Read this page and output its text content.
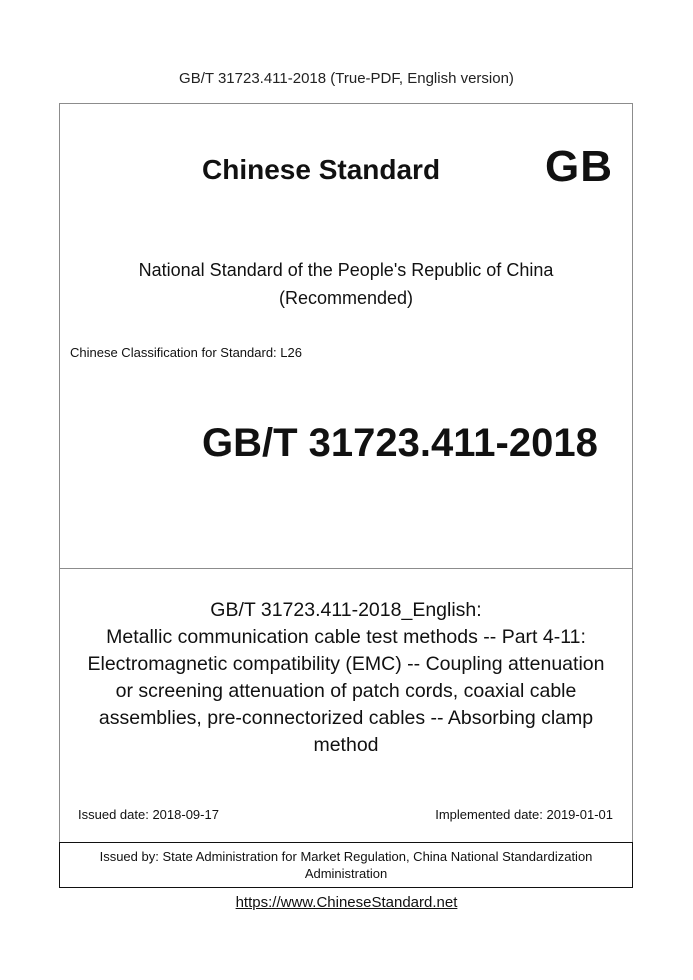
GB/T 31723.411-2018 (True-PDF, English version)
Chinese Standard GB
National Standard of the People's Republic of China
(Recommended)
Chinese Classification for Standard: L26
GB/T 31723.411-2018
GB/T 31723.411-2018_English:
Metallic communication cable test methods -- Part 4-11:
Electromagnetic compatibility (EMC) -- Coupling attenuation
or screening attenuation of patch cords, coaxial cable
assemblies, pre-connectorized cables -- Absorbing clamp
method
Issued date: 2018-09-17	Implemented date: 2019-01-01
Issued by: State Administration for Market Regulation, China National Standardization
Administration
https://www.ChineseStandard.net
